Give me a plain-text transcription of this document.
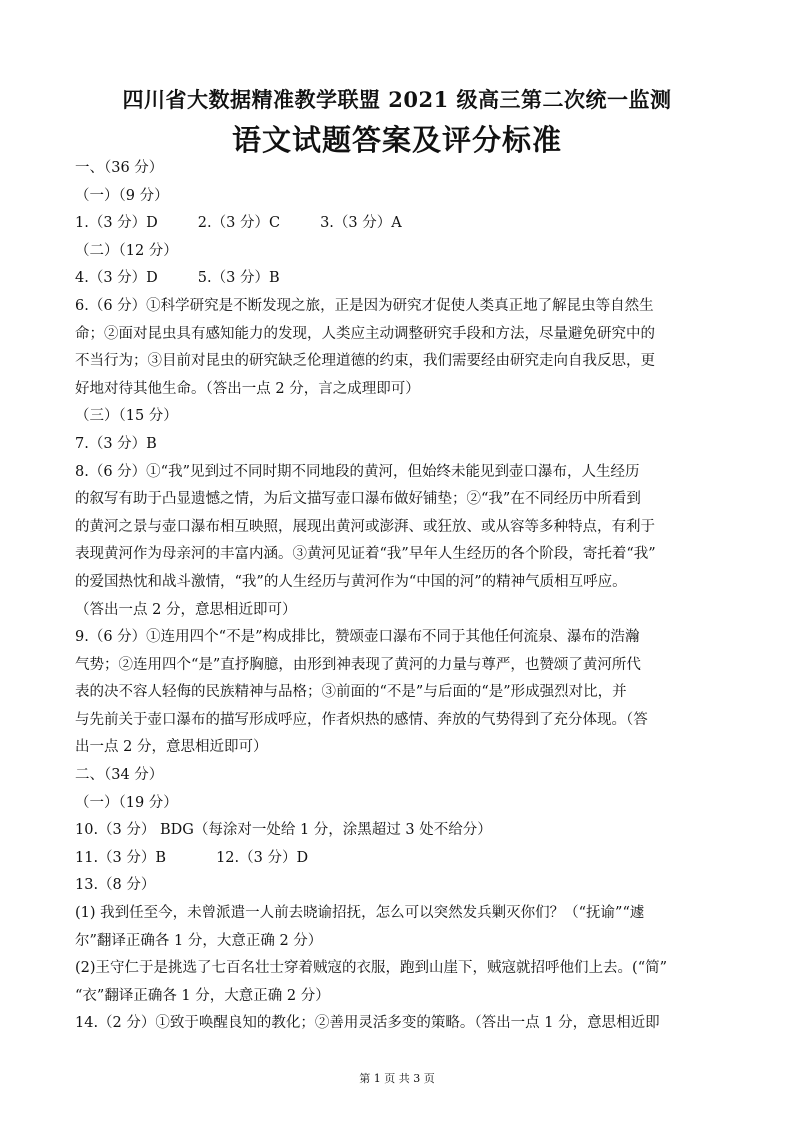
四川省大数据精准教学联盟 2021 级高三第二次统一监测
语文试题答案及评分标准
一、（36 分）
（一）（9 分）
1.（3 分）D	2.（3 分）C	3.（3 分）A
（二）（12 分）
4.（3 分）D	5.（3 分）B
6.（6 分）①科学研究是不断发现之旅，正是因为研究才促使人类真正地了解昆虫等自然生
命；②面对昆虫具有感知能力的发现，人类应主动调整研究手段和方法，尽量避免研究中的
不当行为；③目前对昆虫的研究缺乏伦理道德的约束，我们需要经由研究走向自我反思，更
好地对待其他生命。（答出一点 2 分，言之成理即可）
（三）（15 分）
7.（3 分）B
8.（6 分）①“我”见到过不同时期不同地段的黄河，但始终未能见到壶口瀑布，人生经历
的叙写有助于凸显遗憾之情，为后文描写壶口瀑布做好铺垫；②“我”在不同经历中所看到
的黄河之景与壶口瀑布相互映照，展现出黄河或澎湃、或狂放、或从容等多种特点，有利于
表现黄河作为母亲河的丰富内涵。③黄河见证着“我”早年人生经历的各个阶段，寄托着“我”
的爱国热忱和战斗激情，“我”的人生经历与黄河作为“中国的河”的精神气质相互呼应。
（答出一点 2 分，意思相近即可）
9.（6 分）①连用四个“不是”构成排比，赞颂壶口瀑布不同于其他任何流泉、瀑布的浩瀚
气势；②连用四个“是”直抒胸臆，由形到神表现了黄河的力量与尊严，也赞颂了黄河所代
表的决不容人轻侮的民族精神与品格；③前面的“不是”与后面的“是”形成强烈对比，并
与先前关于壶口瀑布的描写形成呼应，作者炽热的感情、奔放的气势得到了充分体现。（答
出一点 2 分，意思相近即可）
二、（34 分）
（一）（19 分）
10.（3 分） BDG（每涂对一处给 1 分，涂黑超过 3 处不给分）
11.（3 分）B	12.（3 分）D
13.（8 分）
(1) 我到任至今，未曾派遣一人前去晓谕招抚，怎么可以突然发兵剿灭你们？（“抚谕”“遽
尔”翻译正确各 1 分，大意正确 2 分）
(2)王守仁于是挑选了七百名壮士穿着贼寇的衣服，跑到山崖下，贼寇就招呼他们上去。(“简”
“衣”翻译正确各 1 分，大意正确 2 分）
14.（2 分）①致于唤醒良知的教化；②善用灵活多变的策略。（答出一点 1 分，意思相近即
第 1 页 共 3 页
